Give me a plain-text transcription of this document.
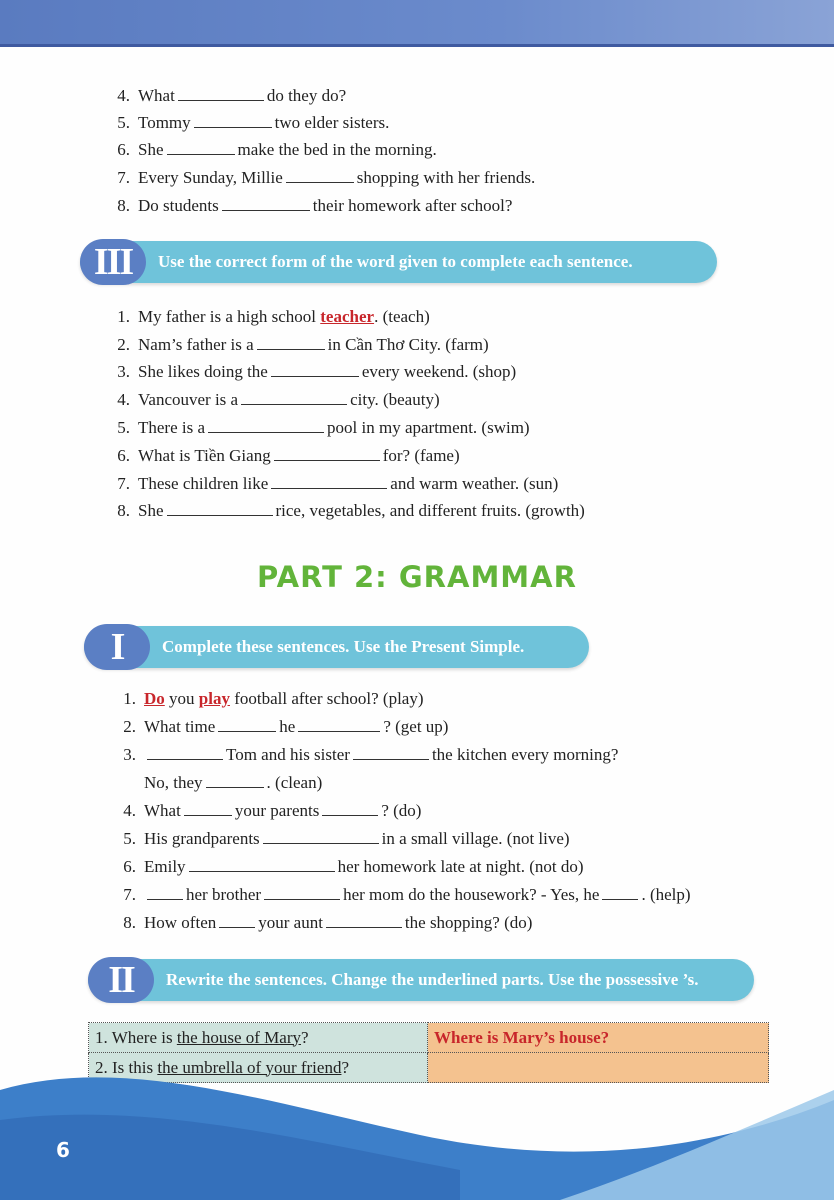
4. What	do they do?
5. Tommy	two elder sisters.
6. She	make the bed in the morning.
7. Every Sunday, Millie	shopping with her friends.
8. Do students	their homework after school?
III	Use the correct form of the word given to complete each sentence.
1. My father is a high school teacher. (teach)
2. Nam’s father is a	in Cần Thơ City. (farm)
3. She likes doing the	every weekend. (shop)
4. Vancouver is a	city. (beauty)
5. There is a	pool in my apartment. (swim)
6. What is Tiền Giang	for? (fame)
7. These children like	and warm weather. (sun)
8. She	rice, vegetables, and different fruits. (growth)
PART 2: GRAMMAR
I	Complete these sentences. Use the Present Simple.
1. Do you play football after school? (play)
2. What time	he	? (get up)
3.	Tom and his sister	the kitchen every morning?
No, they	. (clean)
4. What	your parents	? (do)
5. His grandparents	in a small village. (not live)
6. Emily	her homework late at night. (not do)
7.	her brother	her mom do the housework? - Yes, he . (help)
8. How often your aunt	the shopping? (do)
II	Rewrite the sentences. Change the underlined parts. Use the possessive ’s.
1. Where is the house of Mary?	Where is Mary’s house?
2. Is this the umbrella of your friend?	
6
